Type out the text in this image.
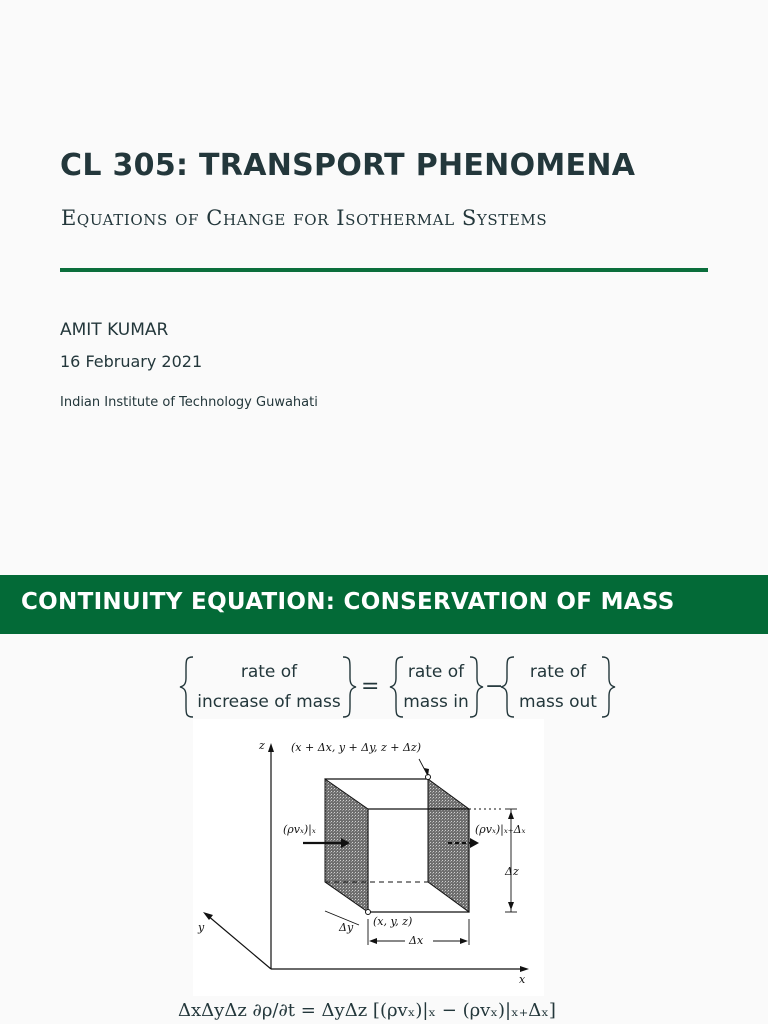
CL 305: TRANSPORT PHENOMENA
Equations of Change for Isothermal Systems
AMIT KUMAR
16 February 2021
Indian Institute of Technology Guwahati
CONTINUITY EQUATION: CONSERVATION OF MASS
rate of
increase of mass
=
rate of
mass in
−
rate of
mass out
(x + Δx, y + Δy, z + Δz)
(x, y, z)
(ρvₓ)|ₓ	(ρvₓ)|ₓ₊Δₓ
z
y
x
Δx
Δy
Δz
ΔxΔyΔz ∂ρ/∂t = ΔyΔz [(ρvₓ)|ₓ − (ρvₓ)|ₓ₊Δₓ]
